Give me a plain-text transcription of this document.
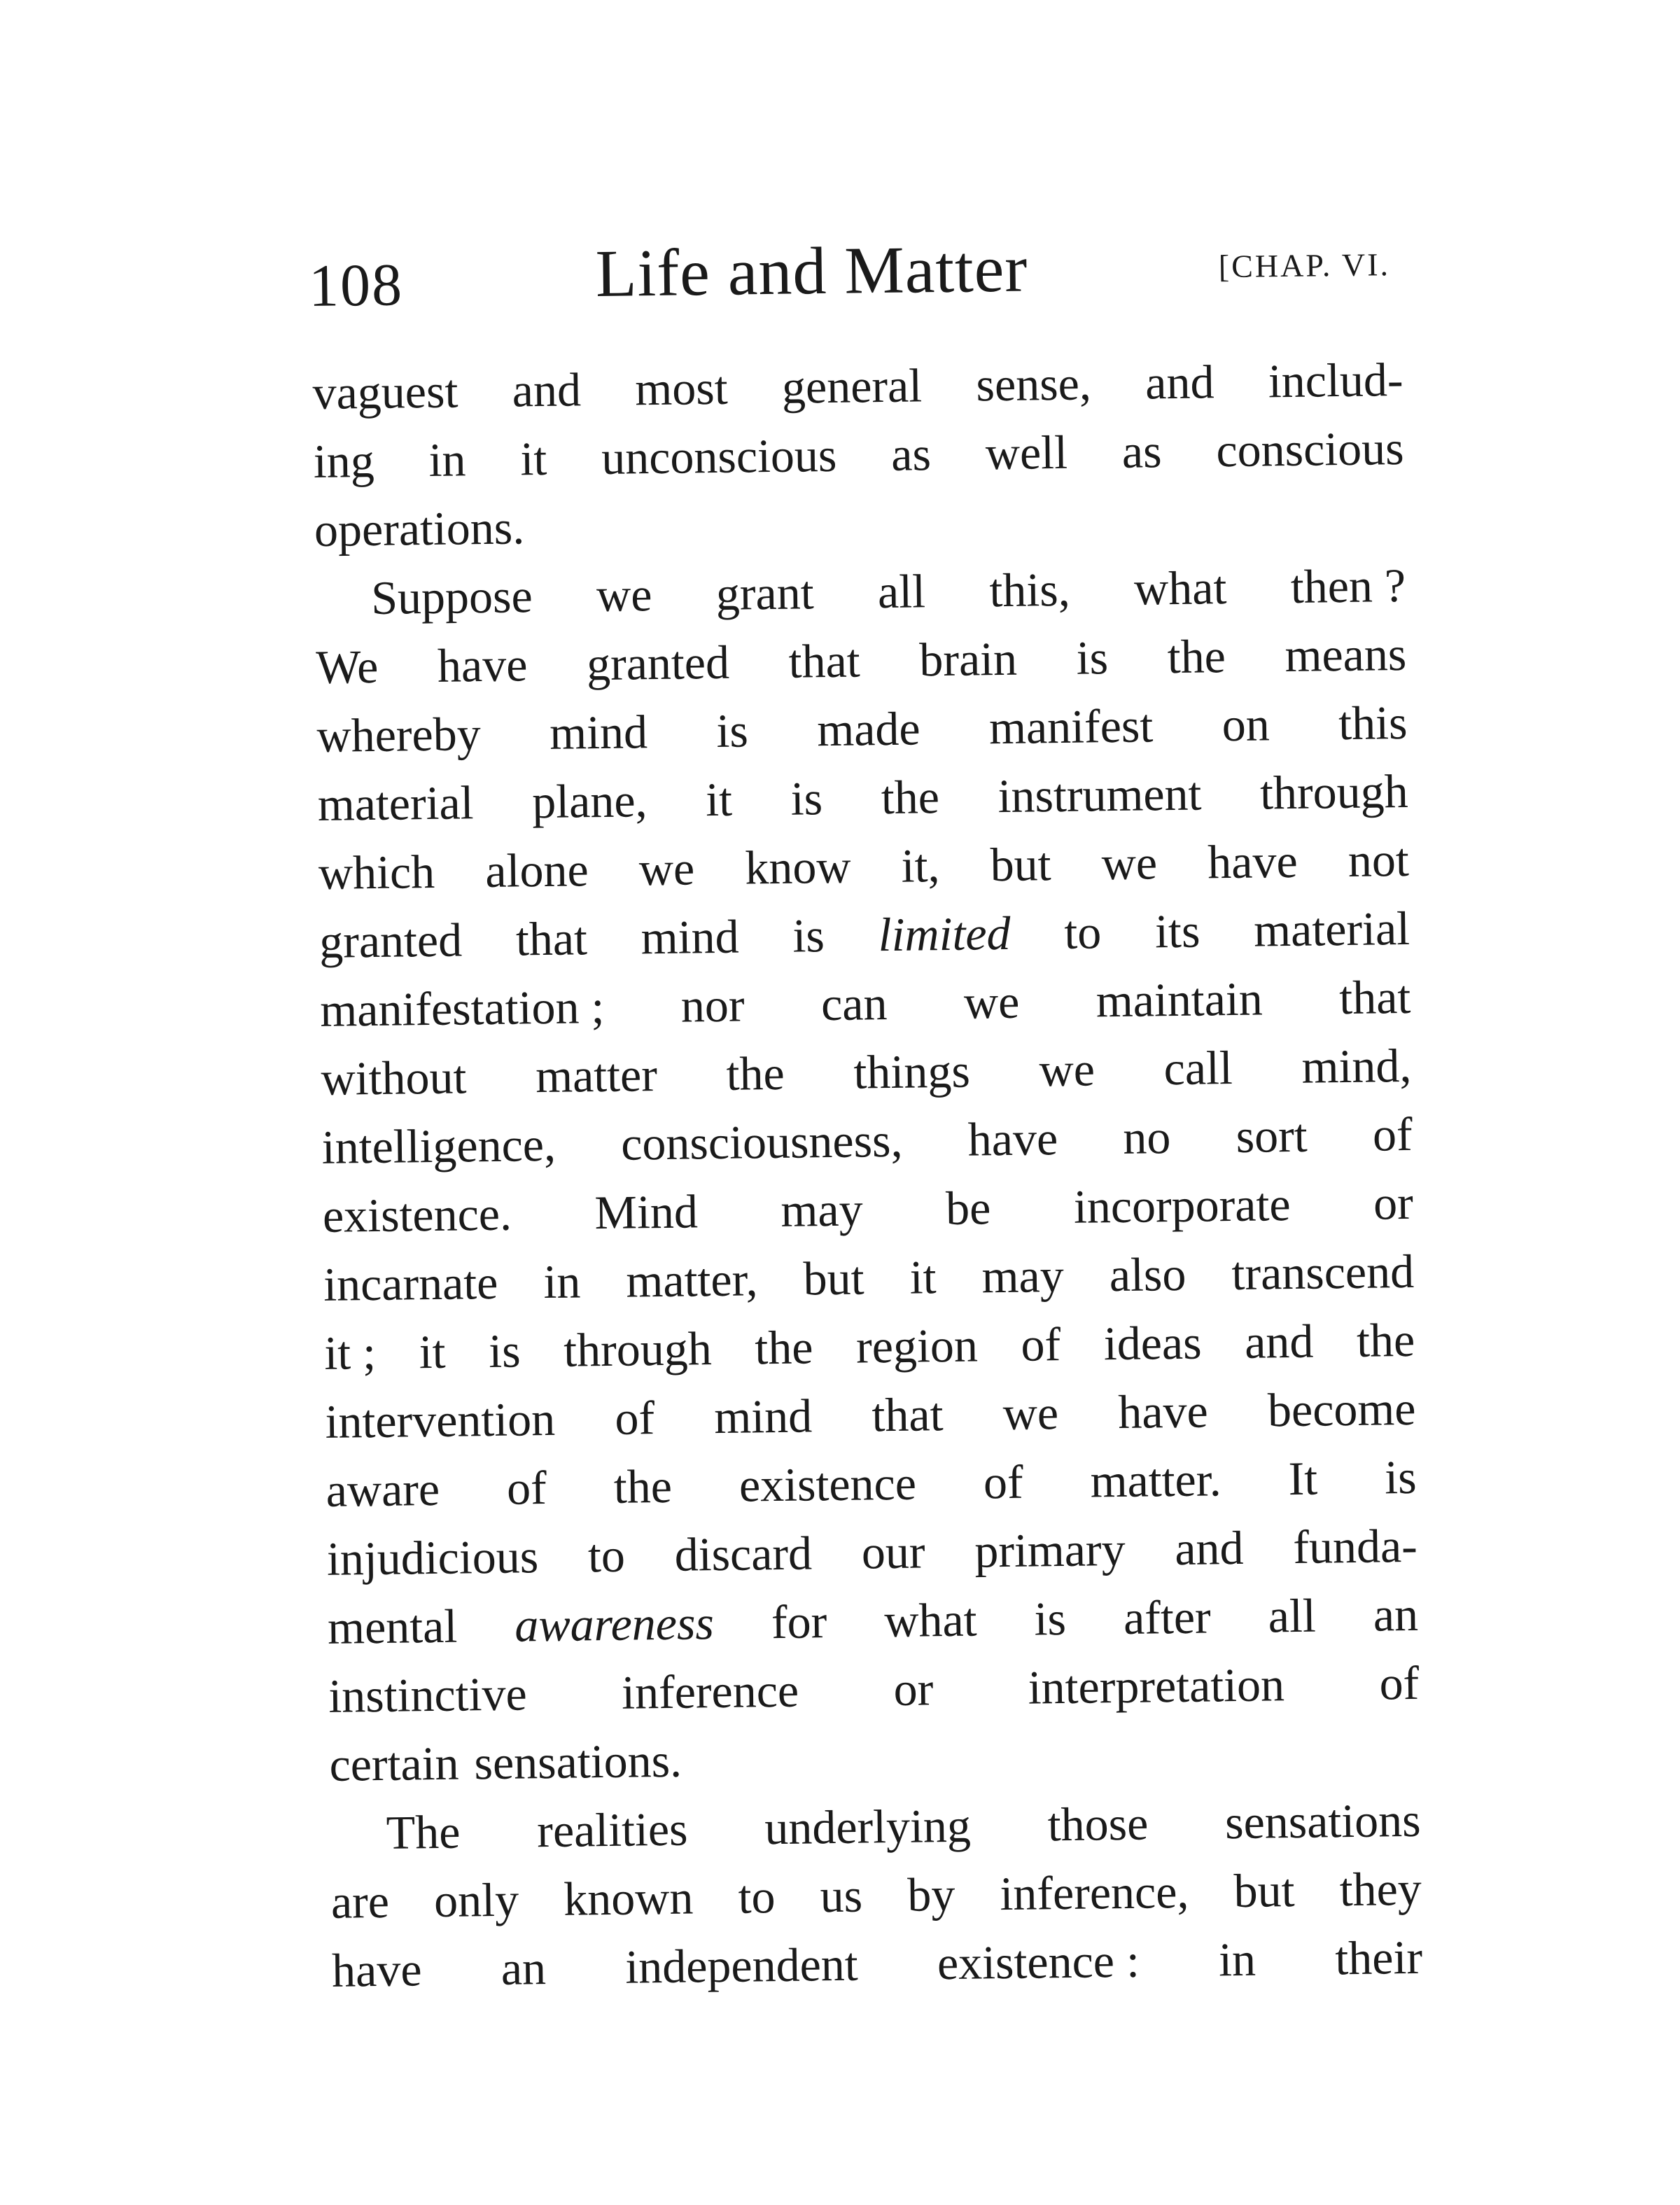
108	Life and Matter	[CHAP. VI.
vaguest and most general sense, and includ-
ing in it unconscious as well as conscious
operations.
Suppose we grant all this, what then ?
We have granted that brain is the means
whereby mind is made manifest on this
material plane, it is the instrument through
which alone we know it, but we have not
granted that mind is limited to its material
manifestation ; nor can we maintain that
without matter the things we call mind,
intelligence, consciousness, have no sort of
existence. Mind may be incorporate or
incarnate in matter, but it may also transcend
it ; it is through the region of ideas and the
intervention of mind that we have become
aware of the existence of matter. It is
injudicious to discard our primary and funda-
mental awareness for what is after all an
instinctive inference or interpretation of
certain sensations.
The realities underlying those sensations
are only known to us by inference, but they
have an independent existence : in their
